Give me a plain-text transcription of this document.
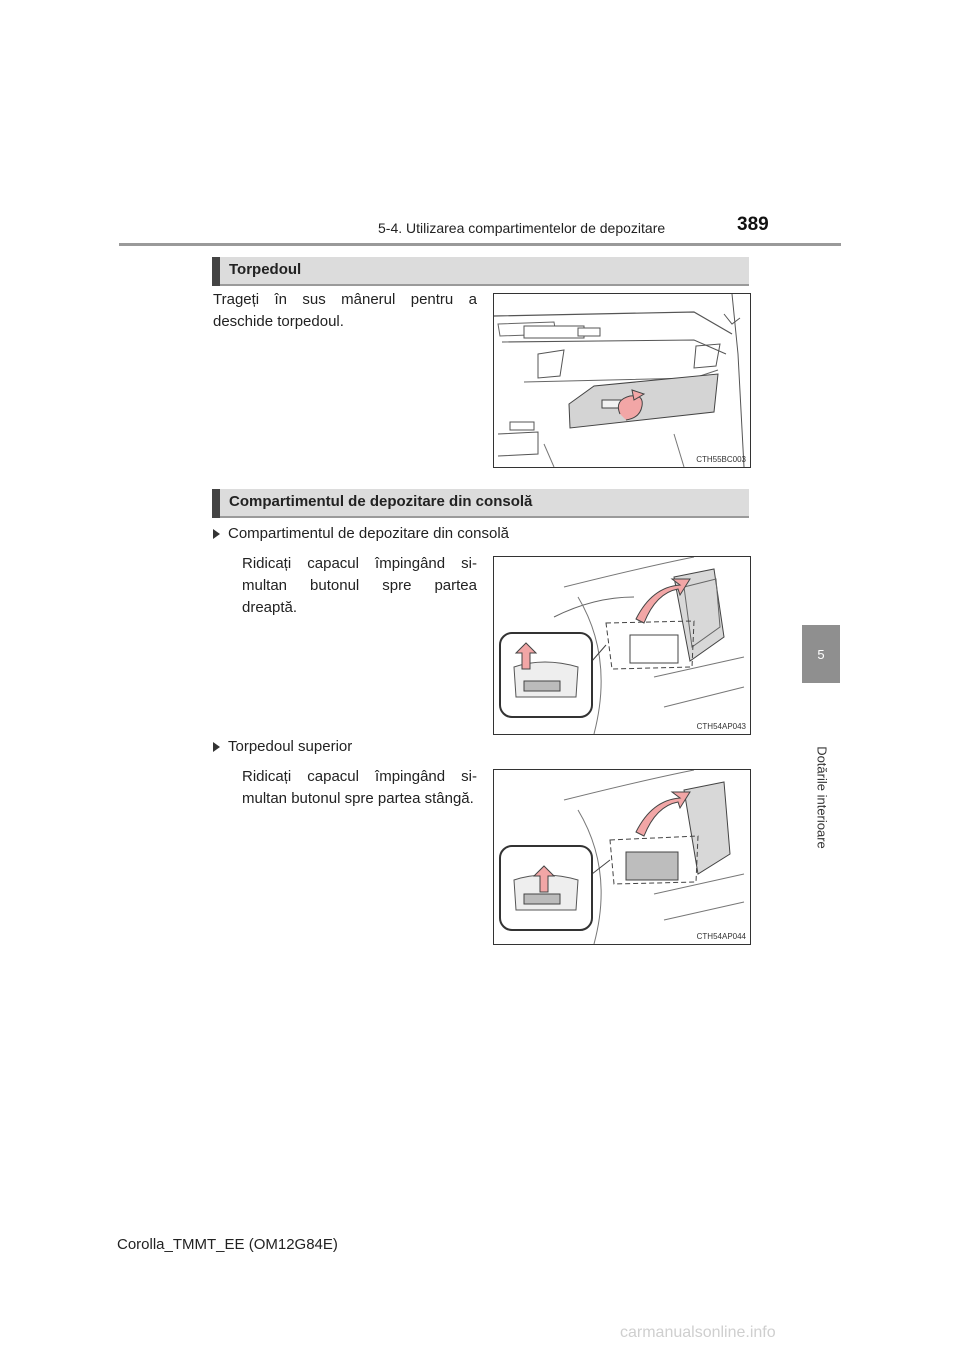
5-4. Utilizarea compartimentelor de depozitare	389
5
Dotările interioare
Torpedoul
Trageți în sus mânerul pentru a deschide torpedoul.
CTH55BC003
Compartimentul de depozitare din consolă
Compartimentul de depozitare din consolă
Ridicați capacul împingând si-multan butonul spre partea dreaptă.
CTH54AP043
Torpedoul superior
Ridicați capacul împingând si-multan butonul spre partea stângă.
CTH54AP044
Corolla_TMMT_EE (OM12G84E)
carmanualsonline.info
